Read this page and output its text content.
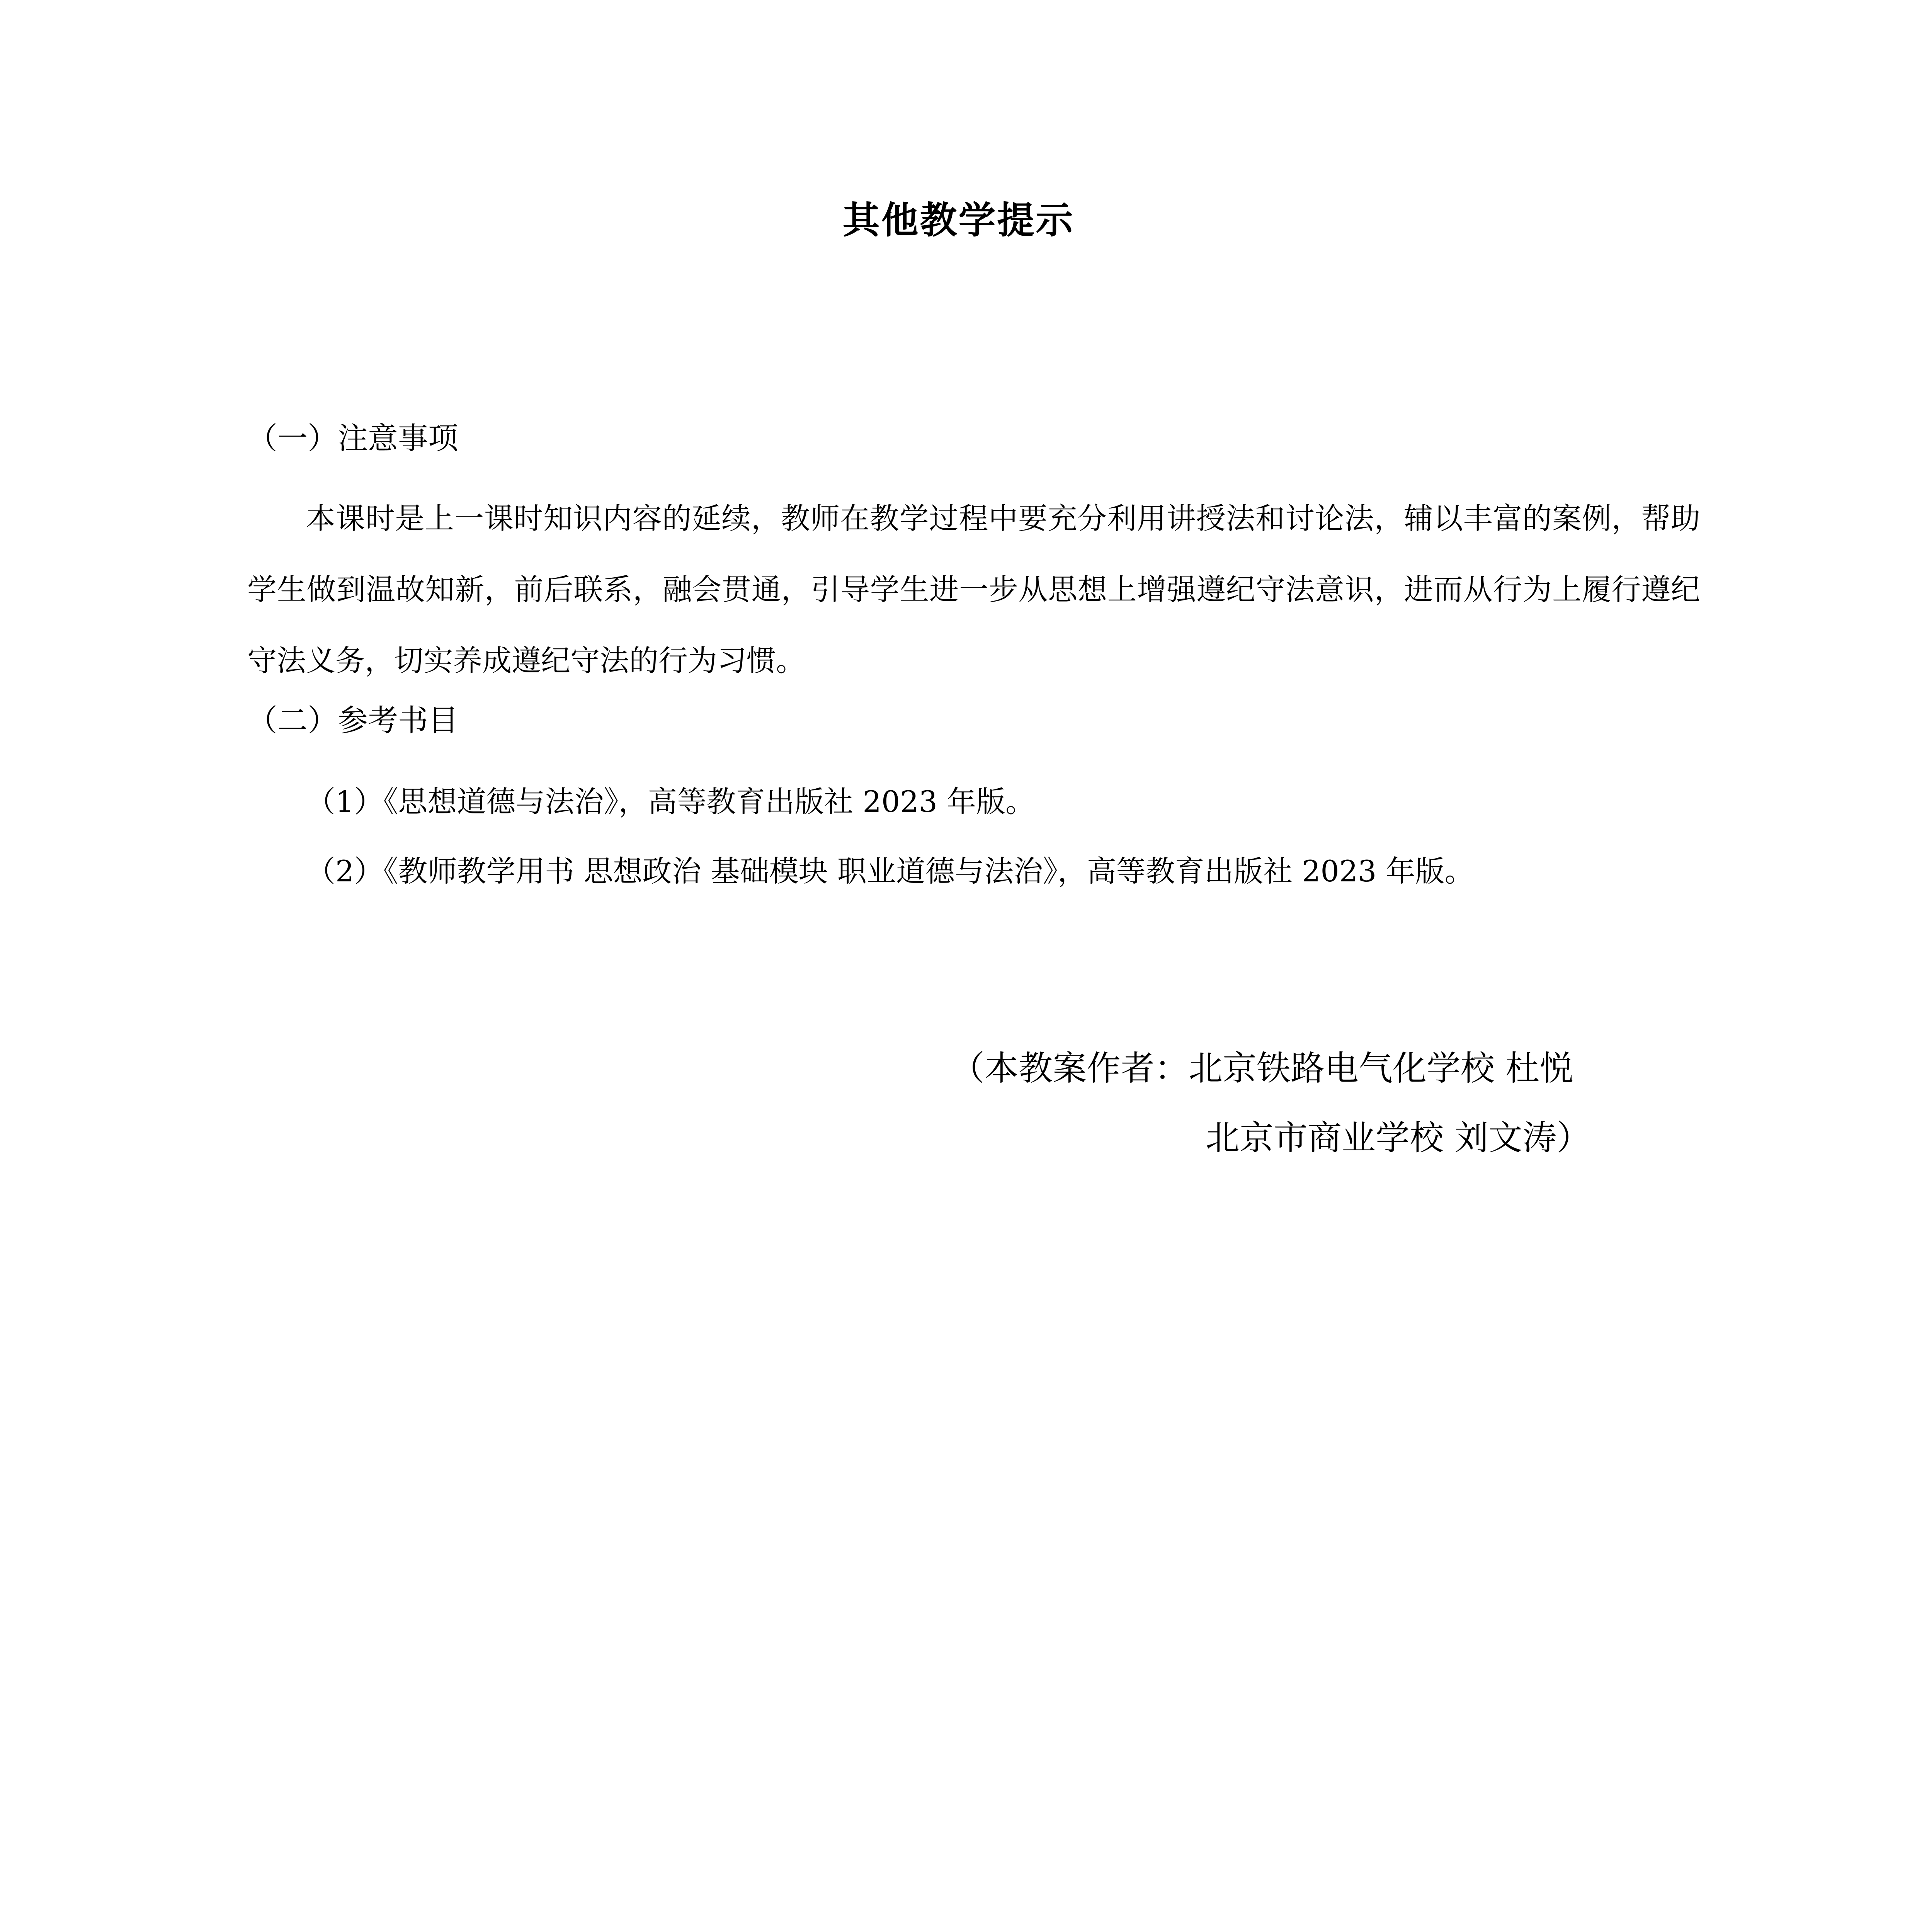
其他教学提示
（一）注意事项

本课时是上一课时知识内容的延续，教师在教学过程中要充分利用讲授法和讨论法，辅以丰富的案例，帮助学生做到温故知新，前后联系，融会贯通，引导学生进一步从思想上增强遵纪守法意识，进而从行为上履行遵纪守法义务，切实养成遵纪守法的行为习惯。

（二）参考书目
（1）《思想道德与法治》，高等教育出版社 2023 年版。
（2）《教师教学用书 思想政治 基础模块 职业道德与法治》，高等教育出版社 2023 年版。
（本教案作者：北京铁路电气化学校 杜悦
北京市商业学校 刘文涛）
